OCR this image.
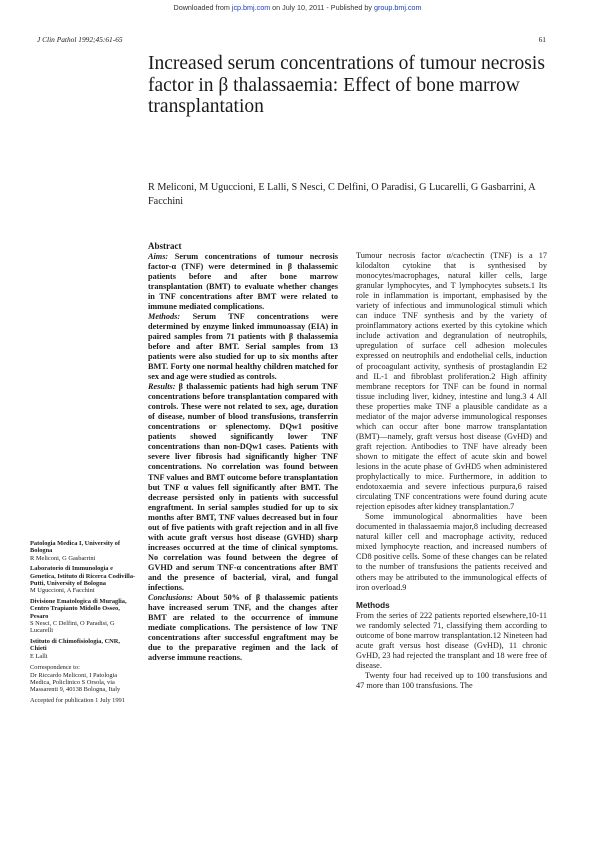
Downloaded from jcp.bmj.com on July 10, 2011 - Published by group.bmj.com
J Clin Pathol 1992;45:61-65	61
Increased serum concentrations of tumour necrosis factor in β thalassaemia: Effect of bone marrow transplantation
R Meliconi, M Uguccioni, E Lalli, S Nesci, C Delfini, O Paradisi, G Lucarelli, G Gasbarrini, A Facchini
Abstract

Aims: Serum concentrations of tumour necrosis factor-α (TNF) were determined in β thalassemic patients before and after bone marrow transplantation (BMT) to evaluate whether changes in TNF concentrations after BMT were related to immune mediated complications.

Methods: Serum TNF concentrations were determined by enzyme linked immunoassay (EIA) in paired samples from 71 patients with β thalassemia before and after BMT. Serial samples from 13 patients were also studied for up to six months after BMT. Forty one normal healthy children matched for sex and age were studied as controls.

Results: β thalassemic patients had high serum TNF concentrations before transplantation compared with controls. These were not related to sex, age, duration of disease, number of blood transfusions, transferrin concentrations or splenectomy. DQw1 positive patients showed significantly lower TNF concentrations than non-DQw1 cases. Patients with severe liver fibrosis had significantly higher TNF concentrations. No correlation was found between TNF values and BMT outcome before transplantation but TNF α values fell significantly after BMT. The decrease persisted only in patients with successful engraftment. In serial samples studied for up to six months after BMT, TNF values decreased but in four out of five patients with graft rejection and in all five with acute graft versus host disease (GVHD) sharp increases occurred at the time of clinical symptoms. No correlation was found between the degree of GVHD and serum TNF-α concentrations after BMT and the presence of bacterial, viral, and fungal infections.

Conclusions: About 50% of β thalassemic patients have increased serum TNF, and the changes after BMT are related to the occurrence of immune mediate complications. The persistence of low TNF concentrations after successful engraftment may be due to the preparative regimen and the lack of adverse immune reactions.

Tumour necrosis factor α/cachectin (TNF) is a 17 kilodalton cytokine that is synthesised by monocytes/macrophages, natural killer cells, large granular lymphocytes, and T lymphocytes subsets.1 Its role in inflammation is important, emphasised by the variety of infectious and immunological stimuli which can induce TNF synthesis and by the variety of proinflammatory actions exerted by this cytokine which include activation and degranulation of neutrophils, upregulation of surface cell adhesion molecules expressed on neutrophils and endothelial cells, induction of procoagulant activity, synthesis of prostaglandin E2 and IL-1 and fibroblast proliferation.2 High affinity membrane receptors for TNF can be found in normal tissue including liver, kidney, intestine and lung.3 4 All these properties make TNF a plausible candidate as a mediator of the major adverse immunological responses which can occur after bone marrow transplantation (BMT)—namely, graft versus host disease (GvHD) and graft rejection. Antibodies to TNF have already been shown to mitigate the effect of acute skin and bowel lesions in the acute phase of GvHD5 when administered prophylactically to mice. Furthermore, in addition to endotoxaemia and severe infectious purpura,6 raised circulating TNF concentrations were found during acute rejection episodes after kidney transplantation.7

Some immunological abnormalities have been documented in thalassaemia major,8 including decreased natural killer cell and macrophage activity, reduced mixed lymphocyte reaction, and increased numbers of CD8 positive cells. Some of these changes can be related to the number of transfusions the patients received and others may be attributed to the immunological effects of iron overload.9

Methods

From the series of 222 patients reported elsewhere,10-11 we randomly selected 71, classifying them according to outcome of bone marrow transplantation.12 Nineteen had acute graft versus host disease (GvHD), 11 chronic GvHD, 23 had rejected the transplant and 18 were free of disease.

Twenty four had received up to 100 transfusions and 47 more than 100 transfusions. The

Patologia Medica I, University of Bologna
R Meliconi, G Gasbarrini
Laboratorio di Immunologia e Genetica, Istituto di Ricerca Codivilla-Putti, University of Bologna
M Uguccioni, A Facchini
Divisione Ematologica di Muraglia, Centro Trapianto Midollo Osseo, Pesaro
S Nesci, C Delfini, O Paradisi, G Lucarelli
Istituto di Chimofisiologia, CNR, Chieti
E Lalli
Correspondence to:
Dr Riccardo Meliconi, I Patologia Medica, Policlinico S Orsola, via Massarenti 9, 40138 Bologna, Italy
Accepted for publication 1 July 1991
